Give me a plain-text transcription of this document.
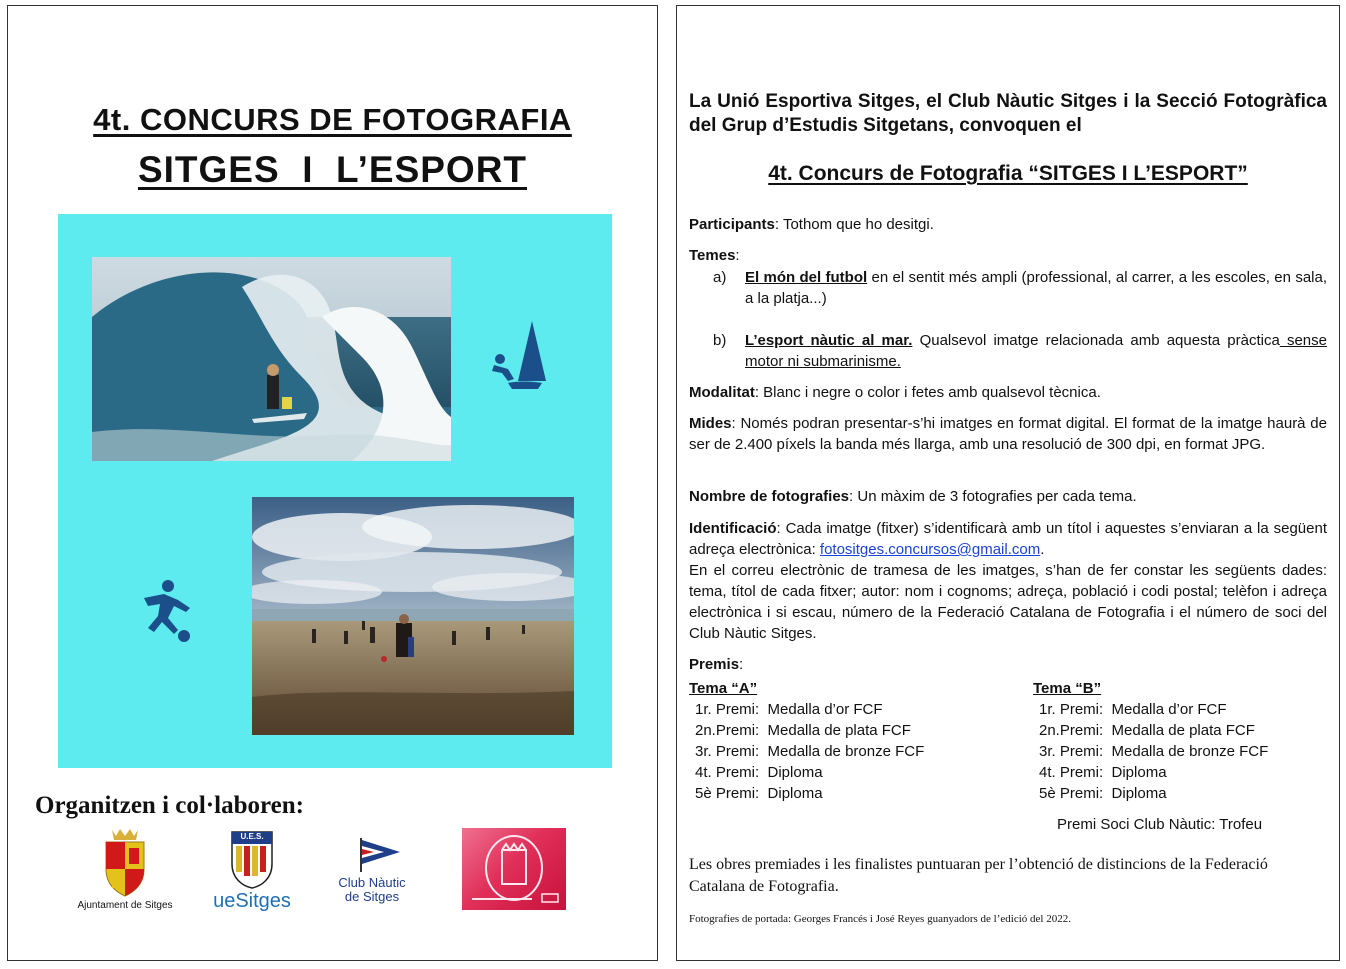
4t. CONCURS DE FOTOGRAFIA
SITGES  I  L’ESPORT
Organitzen i col·laboren:
Ajuntament de Sitges
U.E.S.
ueSitges
Club Nàutic
de Sitges
La Unió Esportiva Sitges, el Club Nàutic Sitges i la Secció Fotogràfica del Grup d’Estudis Sitgetans, convoquen el
4t. Concurs de Fotografia “SITGES I L’ESPORT”
Participants: Tothom que ho desitgi.
Temes:
a) El món del futbol en el sentit més ampli (professional, al carrer, a les escoles, en sala, a la platja...)
b) L’esport nàutic al mar. Qualsevol imatge relacionada amb aquesta pràctica sense motor ni submarinisme.
Modalitat: Blanc i negre o color i fetes amb qualsevol tècnica.
Mides: Només podran presentar-s’hi imatges en format digital. El format de la imatge haurà de ser de 2.400 píxels la banda més llarga, amb una resolució de 300 dpi, en format JPG.
Nombre de fotografies: Un màxim de 3 fotografies per cada tema.
Identificació: Cada imatge (fitxer) s’identificarà amb un títol i aquestes s’enviaran a la següent adreça electrònica: fotositges.concursos@gmail.com.
En el correu electrònic de tramesa de les imatges, s’han de fer constar les següents dades: tema, títol de cada fitxer; autor: nom i cognoms; adreça, població i codi postal; telèfon i adreça electrònica i si escau, número de la Federació Catalana de Fotografia i el número de soci del Club Nàutic Sitges.
Premis:
Tema “A”
1r. Premi:  Medalla d’or FCF
2n.Premi:  Medalla de plata FCF
3r. Premi:  Medalla de bronze FCF
4t. Premi:  Diploma
5è Premi:  Diploma
Tema “B”
1r. Premi:  Medalla d’or FCF
2n.Premi:  Medalla de plata FCF
3r. Premi:  Medalla de bronze FCF
4t. Premi:  Diploma
5è Premi:  Diploma
Premi Soci Club Nàutic: Trofeu
Les obres premiades i les finalistes puntuaran per l’obtenció de distincions de la Federació Catalana de Fotografia.
Fotografies de portada: Georges Francés i José Reyes guanyadors de l’edició del 2022.
